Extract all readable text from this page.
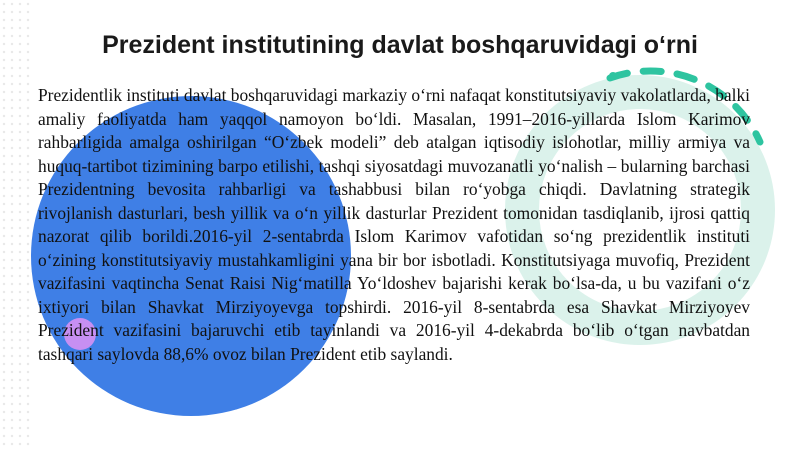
Prezident institutining davlat boshqaruvidagi oʻrni

Prezidentlik instituti davlat boshqaruvidagi markaziy oʻrni nafaqat konstitutsiyaviy vakolatlarda, balki amaliy faoliyatda ham yaqqol namoyon boʻldi. Masalan, 1991–2016-yillarda Islom Karimov rahbarligida amalga oshirilgan “Oʻzbek modeli” deb atalgan iqtisodiy islohotlar, milliy armiya va huquq-tartibot tizimining barpo etilishi, tashqi siyosatdagi muvozanatli yoʻnalish – bularning barchasi Prezidentning bevosita rahbarligi va tashabbusi bilan roʻyobga chiqdi. Davlatning strategik rivojlanish dasturlari, besh yillik va oʻn yillik dasturlar Prezident tomonidan tasdiqlanib, ijrosi qattiq nazorat qilib borildi.2016-yil 2-sentabrda Islom Karimov vafotidan soʻng prezidentlik instituti oʻzining konstitutsiyaviy mustahkamligini yana bir bor isbotladi. Konstitutsiyaga muvofiq, Prezident vazifasini vaqtincha Senat Raisi Nigʻmatilla Yoʻldoshev bajarishi kerak boʻlsa-da, u bu vazifani oʻz ixtiyori bilan Shavkat Mirziyoyevga topshirdi. 2016-yil 8-sentabrda esa Shavkat Mirziyoyev Prezident vazifasini bajaruvchi etib tayinlandi va 2016-yil 4-dekabrda boʻlib oʻtgan navbatdan tashqari saylovda 88,6% ovoz bilan Prezident etib saylandi.
